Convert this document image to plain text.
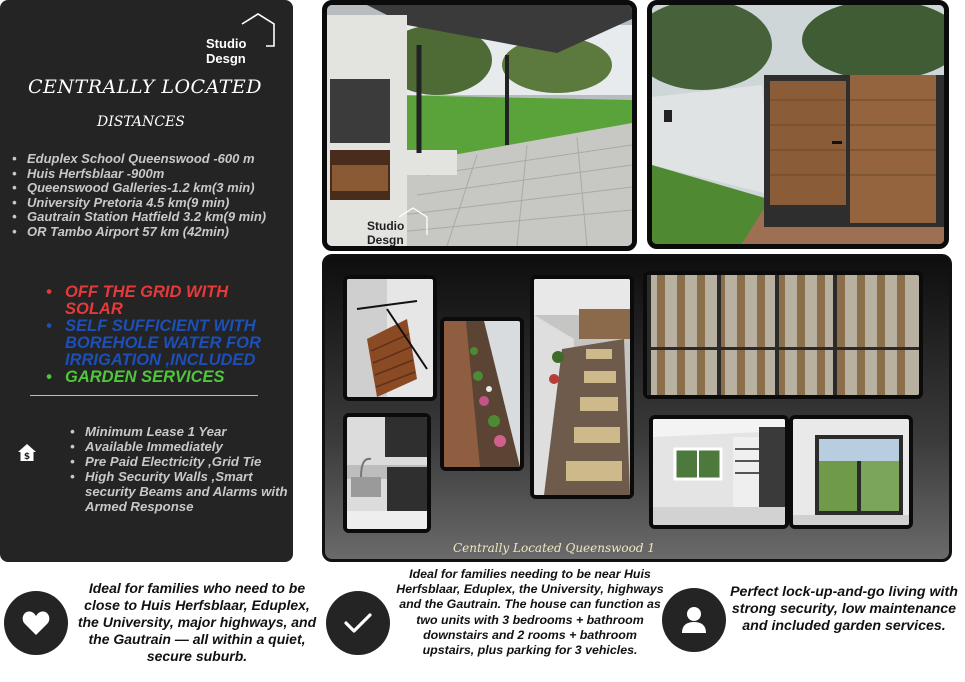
Studio
Desgn
CENTRALLY LOCATED
DISTANCES
• Eduplex School Queenswood -600 m
• Huis Herfsblaar -900m
• Queenswood Galleries-1.2 km(3 min)
• University Pretoria 4.5 km(9 min)
• Gautrain Station Hatfield 3.2 km(9 min)
• OR Tambo Airport 57 km (42min)
• OFF THE GRID WITH SOLAR
• SELF SUFFICIENT WITH BOREHOLE WATER FOR IRRIGATION ,INCLUDED
• GARDEN SERVICES
$
• Minimum Lease 1 Year
• Available Immediately
• Pre Paid Electricity ,Grid Tie
• High Security Walls ,Smart security Beams and Alarms with Armed Response
Studio
Desgn
Centrally Located Queenswood 1
Ideal for families who need to be close to Huis Herfsblaar, Eduplex, the University, major highways, and the Gautrain — all within a quiet, secure suburb.
Ideal for families needing to be near Huis Herfsblaar, Eduplex, the University, highways and the Gautrain. The house can function as two units with 3 bedrooms + bathroom downstairs and 2 rooms + bathroom upstairs, plus parking for 3 vehicles.
Perfect lock-up-and-go living with strong security, low maintenance and included garden services.
